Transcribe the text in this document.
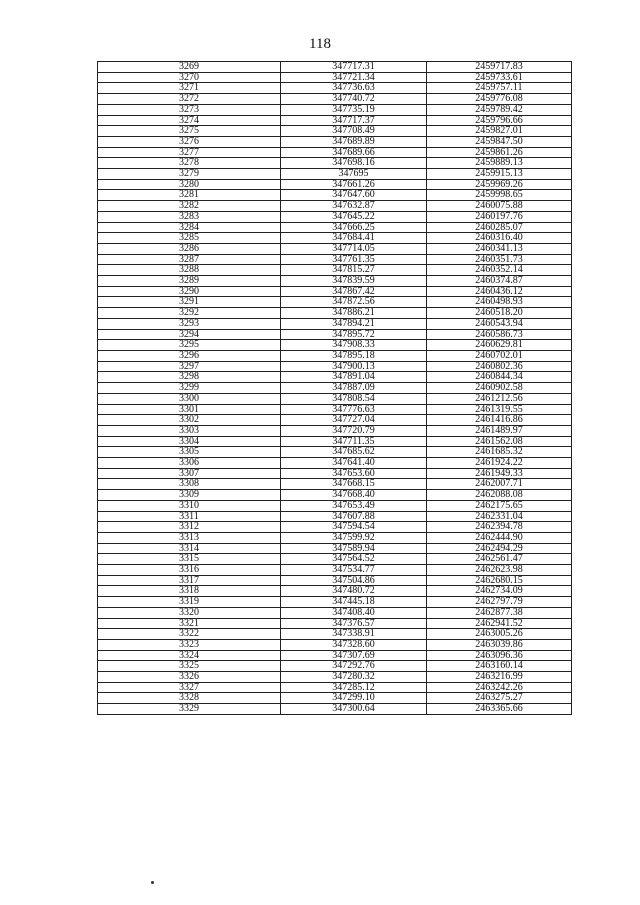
118
3269	347717.31	2459717.83
3270	347721.34	2459733.61
3271	347736.63	2459757.11
3272	347740.72	2459776.08
3273	347735.19	2459789.42
3274	347717.37	2459796.66
3275	347708.49	2459827.01
3276	347689.89	2459847.50
3277	347689.66	2459861.26
3278	347698.16	2459889.13
3279	347695	2459915.13
3280	347661.26	2459969.26
3281	347647.60	2459998.65
3282	347632.87	2460075.88
3283	347645.22	2460197.76
3284	347666.25	2460285.07
3285	347684.41	2460316.40
3286	347714.05	2460341.13
3287	347761.35	2460351.73
3288	347815.27	2460352.14
3289	347839.59	2460374.87
3290	347867.42	2460436.12
3291	347872.56	2460498.93
3292	347886.21	2460518.20
3293	347894.21	2460543.94
3294	347895.72	2460586.73
3295	347908.33	2460629.81
3296	347895.18	2460702.01
3297	347900.13	2460802.36
3298	347891.04	2460844.34
3299	347887.09	2460902.58
3300	347808.54	2461212.56
3301	347776.63	2461319.55
3302	347727.04	2461416.86
3303	347720.79	2461489.97
3304	347711.35	2461562.08
3305	347685.62	2461685.32
3306	347641.40	2461924.22
3307	347653.60	2461949.33
3308	347668.15	2462007.71
3309	347668.40	2462088.08
3310	347653.49	2462175.65
3311	347607.88	2462331.04
3312	347594.54	2462394.78
3313	347599.92	2462444.90
3314	347589.94	2462494.29
3315	347564.52	2462561.47
3316	347534.77	2462623.98
3317	347504.86	2462680.15
3318	347480.72	2462734.09
3319	347445.18	2462797.79
3320	347408.40	2462877.38
3321	347376.57	2462941.52
3322	347338.91	2463005.26
3323	347328.60	2463039.86
3324	347307.69	2463096.36
3325	347292.76	2463160.14
3326	347280.32	2463216.99
3327	347285.12	2463242.26
3328	347299.10	2463275.27
3329	347300.64	2463365.66
